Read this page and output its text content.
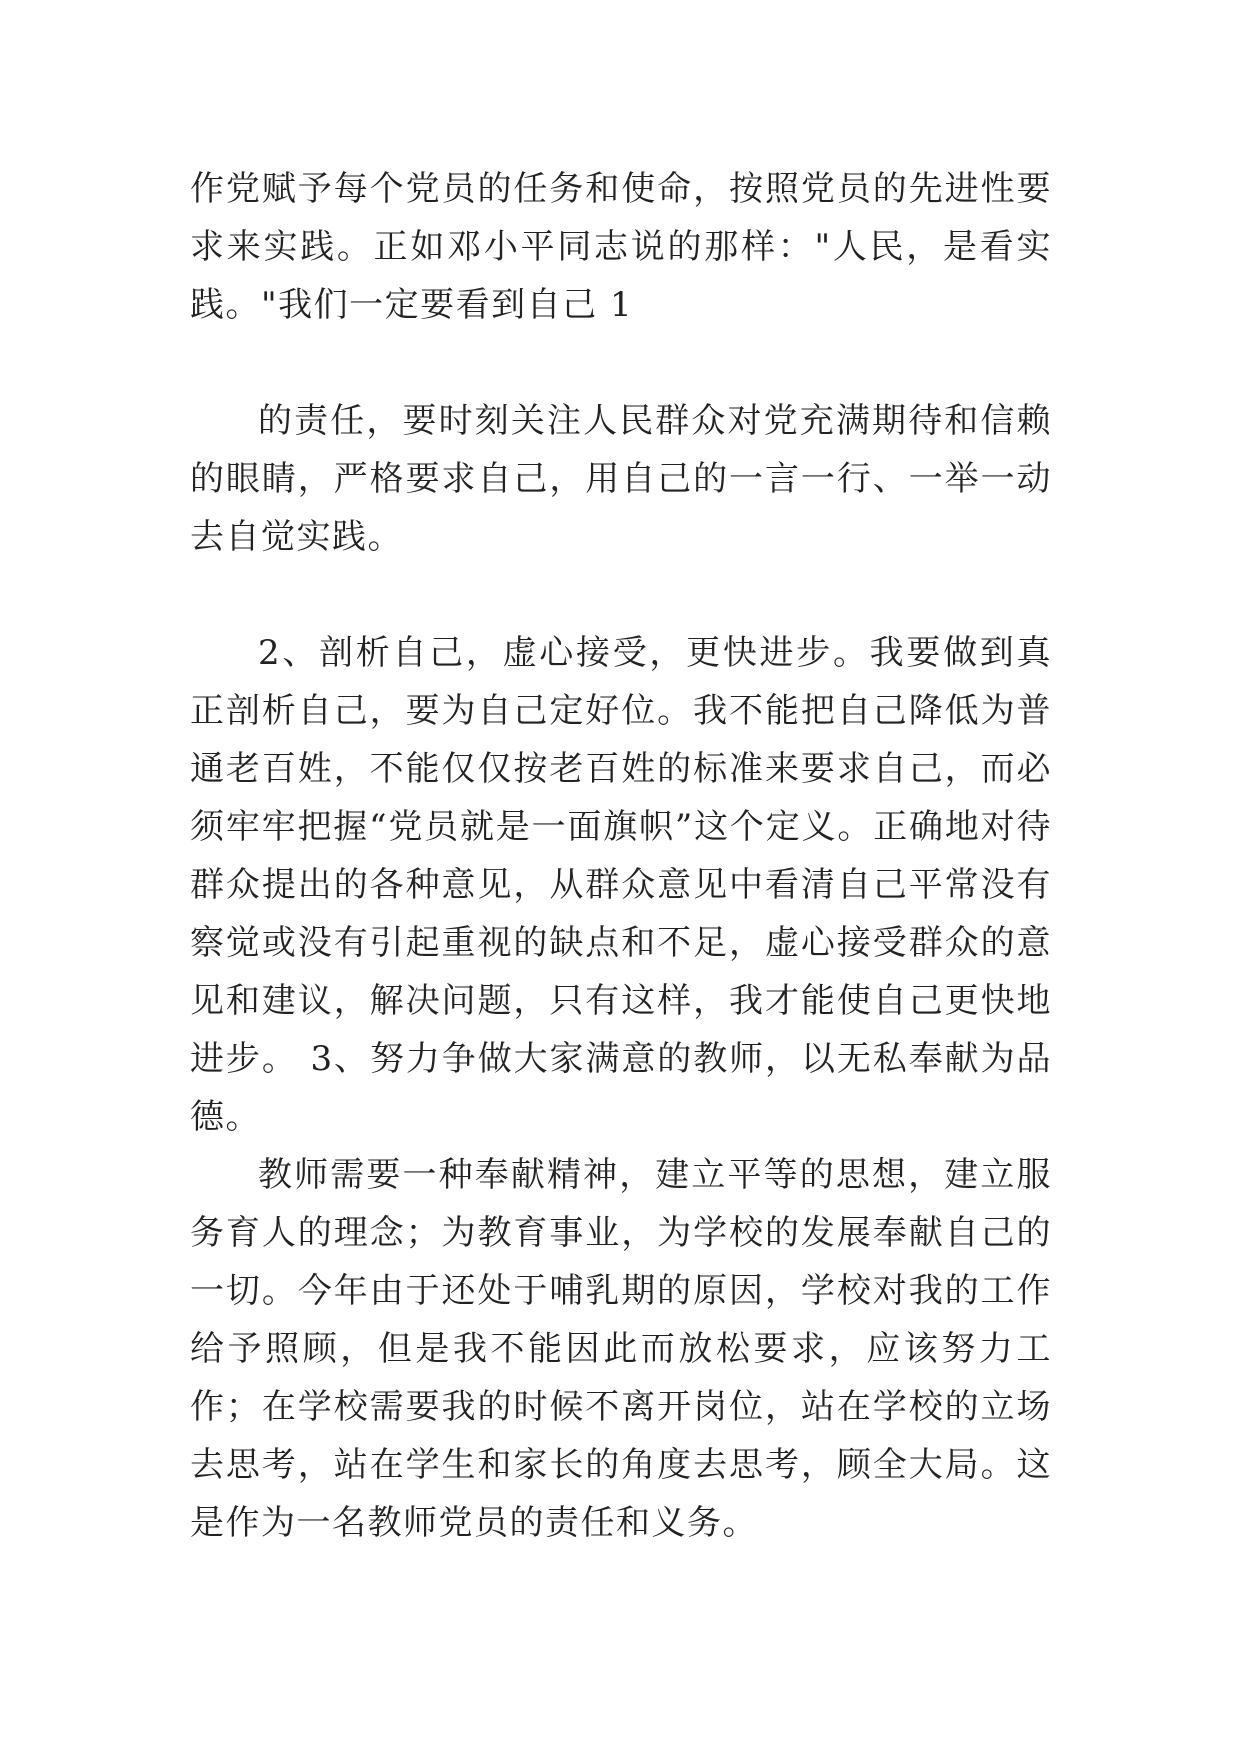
作党赋予每个党员的任务和使命，按照党员的先进性要求来实践。正如邓小平同志说的那样："人民，是看实践。"我们一定要看到自己 1

的责任，要时刻关注人民群众对党充满期待和信赖的眼睛，严格要求自己，用自己的一言一行、一举一动去自觉实践。

2、剖析自己，虚心接受，更快进步。我要做到真正剖析自己，要为自己定好位。我不能把自己降低为普通老百姓，不能仅仅按老百姓的标准来要求自己，而必须牢牢把握“党员就是一面旗帜”这个定义。正确地对待群众提出的各种意见，从群众意见中看清自己平常没有察觉或没有引起重视的缺点和不足，虚心接受群众的意见和建议，解决问题，只有这样，我才能使自己更快地进步。 3、努力争做大家满意的教师，以无私奉献为品德。

教师需要一种奉献精神，建立平等的思想，建立服务育人的理念；为教育事业，为学校的发展奉献自己的一切。今年由于还处于哺乳期的原因，学校对我的工作给予照顾，但是我不能因此而放松要求，应该努力工作；在学校需要我的时候不离开岗位，站在学校的立场去思考，站在学生和家长的角度去思考，顾全大局。这是作为一名教师党员的责任和义务。
